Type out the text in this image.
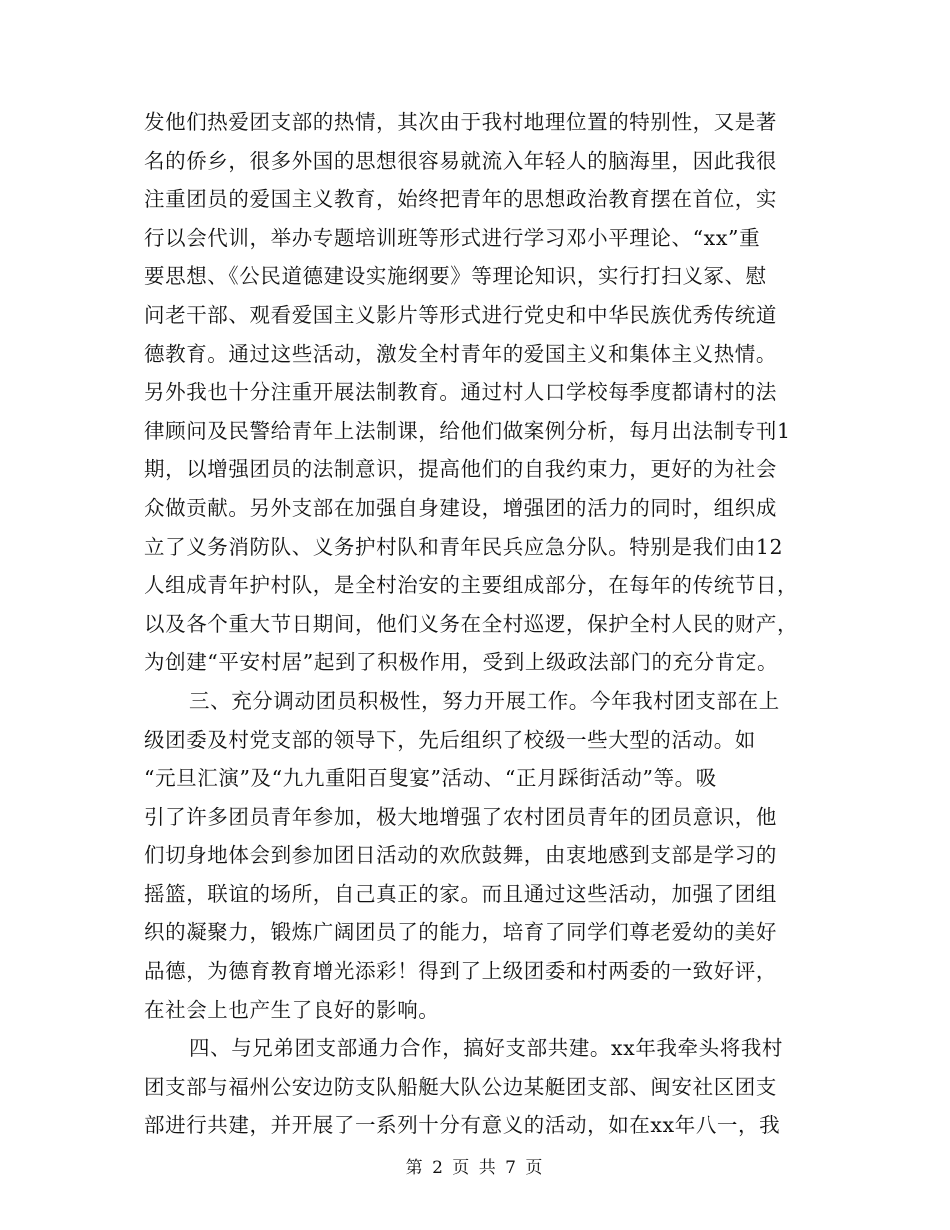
发他们热爱团支部的热情，其次由于我村地理位置的特别性，又是著
名的侨乡，很多外国的思想很容易就流入年轻人的脑海里，因此我很
注重团员的爱国主义教育，始终把青年的思想政治教育摆在首位，实
行以会代训，举办专题培训班等形式进行学习邓小平理论、“xx”重
要思想、《公民道德建设实施纲要》等理论知识，实行打扫义冢、慰
问老干部、观看爱国主义影片等形式进行党史和中华民族优秀传统道
德教育。通过这些活动，激发全村青年的爱国主义和集体主义热情。
另外我也十分注重开展法制教育。通过村人口学校每季度都请村的法
律顾问及民警给青年上法制课，给他们做案例分析，每月出法制专刊1
期，以增强团员的法制意识，提高他们的自我约束力，更好的为社会
众做贡献。另外支部在加强自身建设，增强团的活力的同时，组织成
立了义务消防队、义务护村队和青年民兵应急分队。特别是我们由12
人组成青年护村队，是全村治安的主要组成部分，在每年的传统节日，
以及各个重大节日期间，他们义务在全村巡逻，保护全村人民的财产，
为创建“平安村居”起到了积极作用，受到上级政法部门的充分肯定。
三、充分调动团员积极性，努力开展工作。今年我村团支部在上
级团委及村党支部的领导下，先后组织了校级一些大型的活动。如
“元旦汇演”及“九九重阳百叟宴”活动、“正月踩街活动”等。吸
引了许多团员青年参加，极大地增强了农村团员青年的团员意识，他
们切身地体会到参加团日活动的欢欣鼓舞，由衷地感到支部是学习的
摇篮，联谊的场所，自己真正的家。而且通过这些活动，加强了团组
织的凝聚力，锻炼广阔团员了的能力，培育了同学们尊老爱幼的美好
品德，为德育教育增光添彩！得到了上级团委和村两委的一致好评，
在社会上也产生了良好的影响。
四、与兄弟团支部通力合作，搞好支部共建。xx年我牵头将我村
团支部与福州公安边防支队船艇大队公边某艇团支部、闽安社区团支
部进行共建，并开展了一系列十分有意义的活动，如在xx年八一，我
第 2 页 共 7 页
